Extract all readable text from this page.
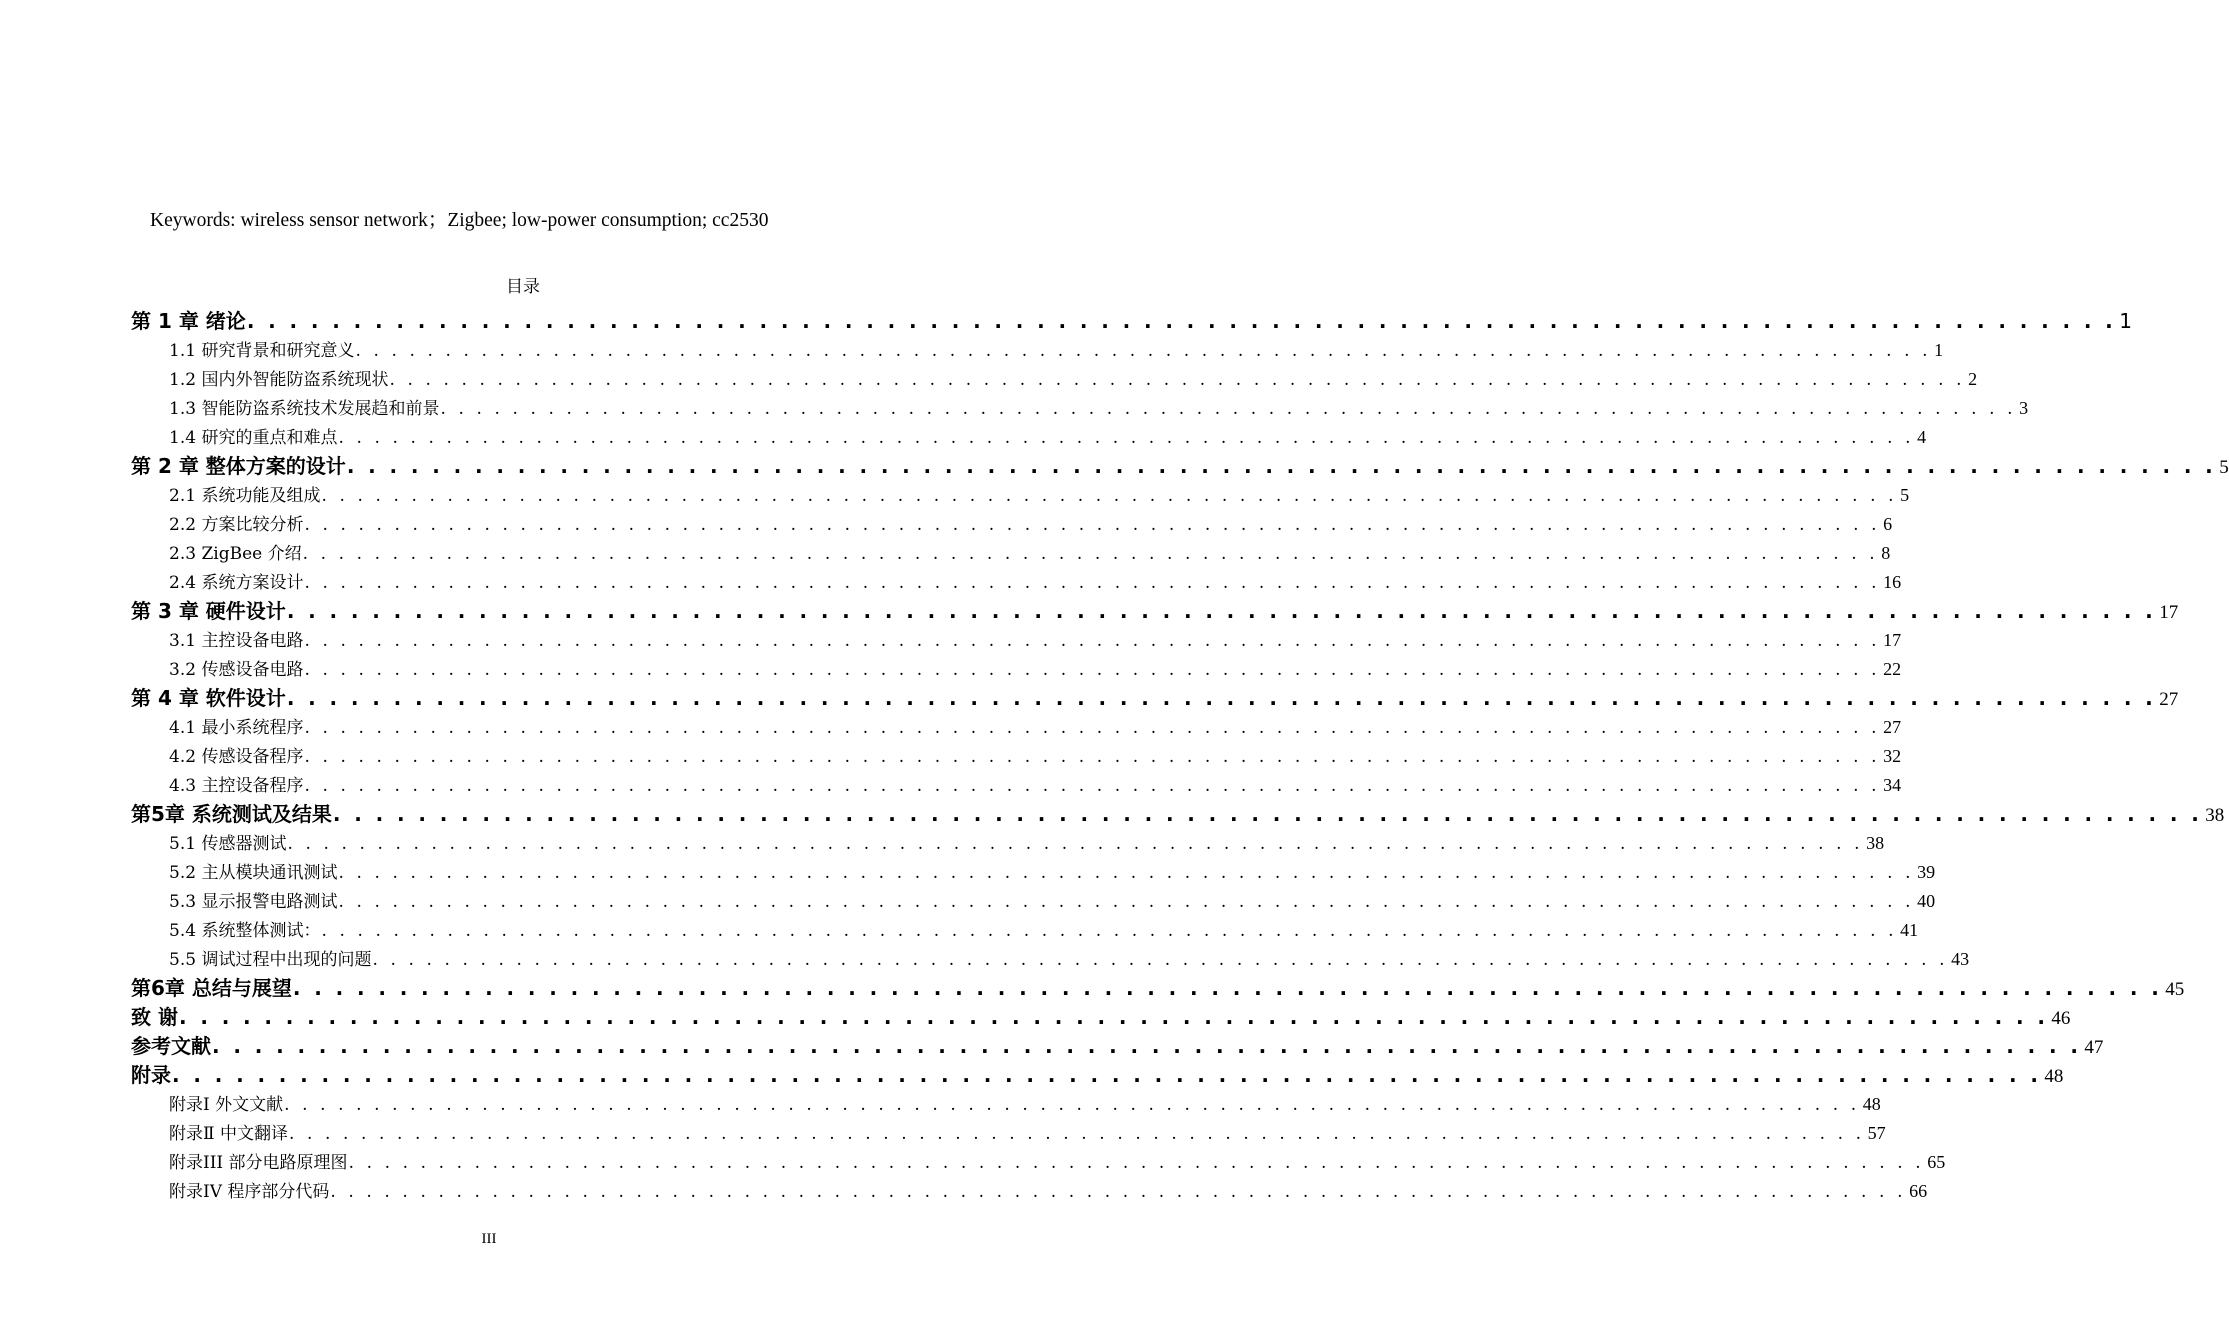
Keywords: wireless sensor network；Zigbee; low-power consumption; cc2530
目录
第 1 章 绪论 . . . . . . . . . . . . . . . . . . . . . . . . . . . . . . . . . . . . . . . . . . . . . . . . . . . . . . . . . . . . . . . . . . . . . . . . . . . . . . . . . . . . . . . . 1
1.1 研究背景和研究意义 . . . . . . . . . . . . . . . . . . . . . . . . . . . . . . . . . . . . . . . . . . . . . . . . . . . . . . . . . . . . . . . . . . . . . . . . . . . . . . . . . . . . . . . . 1
1.2 国内外智能防盗系统现状 . . . . . . . . . . . . . . . . . . . . . . . . . . . . . . . . . . . . . . . . . . . . . . . . . . . . . . . . . . . . . . . . . . . . . . . . . . . . . . . . . . . . . . . . 2
1.3 智能防盗系统技术发展趋和前景 . . . . . . . . . . . . . . . . . . . . . . . . . . . . . . . . . . . . . . . . . . . . . . . . . . . . . . . . . . . . . . . . . . . . . . . . . . . . . . . . . . . . . . . . 3
1.4 研究的重点和难点 . . . . . . . . . . . . . . . . . . . . . . . . . . . . . . . . . . . . . . . . . . . . . . . . . . . . . . . . . . . . . . . . . . . . . . . . . . . . . . . . . . . . . . . . 4
第 2 章 整体方案的设计 . . . . . . . . . . . . . . . . . . . . . . . . . . . . . . . . . . . . . . . . . . . . . . . . . . . . . . . . . . . . . . . . . . . . . . . . . . . . . . . . . . . . . . . . 5
2.1 系统功能及组成 . . . . . . . . . . . . . . . . . . . . . . . . . . . . . . . . . . . . . . . . . . . . . . . . . . . . . . . . . . . . . . . . . . . . . . . . . . . . . . . . . . . . . . . . 5
2.2 方案比较分析 . . . . . . . . . . . . . . . . . . . . . . . . . . . . . . . . . . . . . . . . . . . . . . . . . . . . . . . . . . . . . . . . . . . . . . . . . . . . . . . . . . . . . . . . 6
2.3 ZigBee 介绍 . . . . . . . . . . . . . . . . . . . . . . . . . . . . . . . . . . . . . . . . . . . . . . . . . . . . . . . . . . . . . . . . . . . . . . . . . . . . . . . . . . . . . . . . 8
2.4 系统方案设计 . . . . . . . . . . . . . . . . . . . . . . . . . . . . . . . . . . . . . . . . . . . . . . . . . . . . . . . . . . . . . . . . . . . . . . . . . . . . . . . . . . . . . . . . 16
第 3 章 硬件设计 . . . . . . . . . . . . . . . . . . . . . . . . . . . . . . . . . . . . . . . . . . . . . . . . . . . . . . . . . . . . . . . . . . . . . . . . . . . . . . . . . . . . . . . . 17
3.1 主控设备电路 . . . . . . . . . . . . . . . . . . . . . . . . . . . . . . . . . . . . . . . . . . . . . . . . . . . . . . . . . . . . . . . . . . . . . . . . . . . . . . . . . . . . . . . . 17
3.2 传感设备电路 . . . . . . . . . . . . . . . . . . . . . . . . . . . . . . . . . . . . . . . . . . . . . . . . . . . . . . . . . . . . . . . . . . . . . . . . . . . . . . . . . . . . . . . . 22
第 4 章 软件设计 . . . . . . . . . . . . . . . . . . . . . . . . . . . . . . . . . . . . . . . . . . . . . . . . . . . . . . . . . . . . . . . . . . . . . . . . . . . . . . . . . . . . . . . . 27
4.1 最小系统程序 . . . . . . . . . . . . . . . . . . . . . . . . . . . . . . . . . . . . . . . . . . . . . . . . . . . . . . . . . . . . . . . . . . . . . . . . . . . . . . . . . . . . . . . . 27
4.2 传感设备程序 . . . . . . . . . . . . . . . . . . . . . . . . . . . . . . . . . . . . . . . . . . . . . . . . . . . . . . . . . . . . . . . . . . . . . . . . . . . . . . . . . . . . . . . . 32
4.3 主控设备程序 . . . . . . . . . . . . . . . . . . . . . . . . . . . . . . . . . . . . . . . . . . . . . . . . . . . . . . . . . . . . . . . . . . . . . . . . . . . . . . . . . . . . . . . . 34
第5章 系统测试及结果 . . . . . . . . . . . . . . . . . . . . . . . . . . . . . . . . . . . . . . . . . . . . . . . . . . . . . . . . . . . . . . . . . . . . . . . . . . . . . . . . . . . . . . . . 38
5.1 传感器测试 . . . . . . . . . . . . . . . . . . . . . . . . . . . . . . . . . . . . . . . . . . . . . . . . . . . . . . . . . . . . . . . . . . . . . . . . . . . . . . . . . . . . . . . . 38
5.2 主从模块通讯测试 . . . . . . . . . . . . . . . . . . . . . . . . . . . . . . . . . . . . . . . . . . . . . . . . . . . . . . . . . . . . . . . . . . . . . . . . . . . . . . . . . . . . . . . . 39
5.3 显示报警电路测试 . . . . . . . . . . . . . . . . . . . . . . . . . . . . . . . . . . . . . . . . . . . . . . . . . . . . . . . . . . . . . . . . . . . . . . . . . . . . . . . . . . . . . . . . 40
5.4 系统整体测试： . . . . . . . . . . . . . . . . . . . . . . . . . . . . . . . . . . . . . . . . . . . . . . . . . . . . . . . . . . . . . . . . . . . . . . . . . . . . . . . . . . . . . . . . 41
5.5 调试过程中出现的问题 . . . . . . . . . . . . . . . . . . . . . . . . . . . . . . . . . . . . . . . . . . . . . . . . . . . . . . . . . . . . . . . . . . . . . . . . . . . . . . . . . . . . . . . . 43
第6章 总结与展望 . . . . . . . . . . . . . . . . . . . . . . . . . . . . . . . . . . . . . . . . . . . . . . . . . . . . . . . . . . . . . . . . . . . . . . . . . . . . . . . . . . . . . . . . 45
致 谢 . . . . . . . . . . . . . . . . . . . . . . . . . . . . . . . . . . . . . . . . . . . . . . . . . . . . . . . . . . . . . . . . . . . . . . . . . . . . . . . . . . . . . . . . 46
参考文献 . . . . . . . . . . . . . . . . . . . . . . . . . . . . . . . . . . . . . . . . . . . . . . . . . . . . . . . . . . . . . . . . . . . . . . . . . . . . . . . . . . . . . . . . 47
附录 . . . . . . . . . . . . . . . . . . . . . . . . . . . . . . . . . . . . . . . . . . . . . . . . . . . . . . . . . . . . . . . . . . . . . . . . . . . . . . . . . . . . . . . . 48
附录Ⅰ 外文文献 . . . . . . . . . . . . . . . . . . . . . . . . . . . . . . . . . . . . . . . . . . . . . . . . . . . . . . . . . . . . . . . . . . . . . . . . . . . . . . . . . . . . . . . . 48
附录Ⅱ 中文翻译 . . . . . . . . . . . . . . . . . . . . . . . . . . . . . . . . . . . . . . . . . . . . . . . . . . . . . . . . . . . . . . . . . . . . . . . . . . . . . . . . . . . . . . . . 57
附录III 部分电路原理图 . . . . . . . . . . . . . . . . . . . . . . . . . . . . . . . . . . . . . . . . . . . . . . . . . . . . . . . . . . . . . . . . . . . . . . . . . . . . . . . . . . . . . . . . 65
附录IV 程序部分代码 . . . . . . . . . . . . . . . . . . . . . . . . . . . . . . . . . . . . . . . . . . . . . . . . . . . . . . . . . . . . . . . . . . . . . . . . . . . . . . . . . . . . . . . . 66
III
